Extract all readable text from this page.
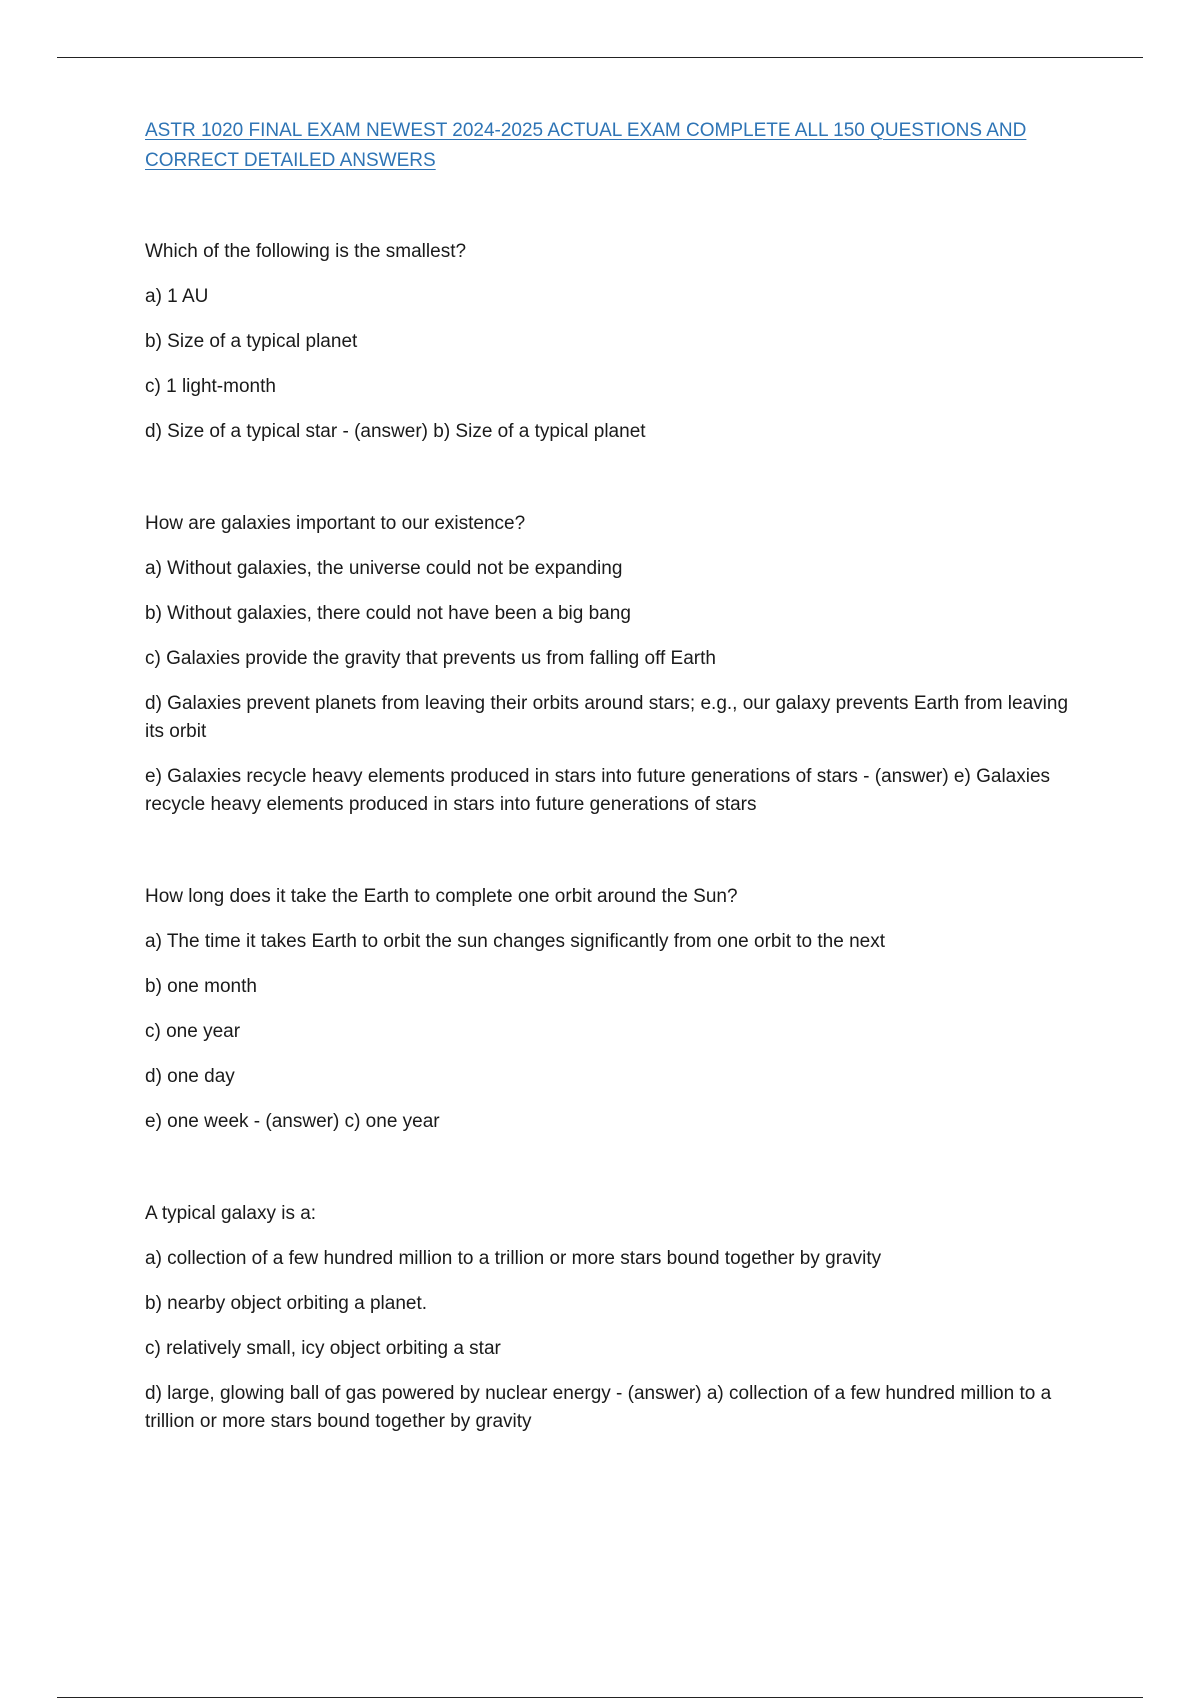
ASTR 1020 FINAL EXAM NEWEST 2024-2025 ACTUAL EXAM COMPLETE ALL 150 QUESTIONS AND CORRECT DETAILED ANSWERS

Which of the following is the smallest?

a) 1 AU

b) Size of a typical planet

c) 1 light-month

d) Size of a typical star - (answer) b) Size of a typical planet

How are galaxies important to our existence?

a) Without galaxies, the universe could not be expanding

b) Without galaxies, there could not have been a big bang

c) Galaxies provide the gravity that prevents us from falling off Earth

d) Galaxies prevent planets from leaving their orbits around stars; e.g., our galaxy prevents Earth from leaving its orbit

e) Galaxies recycle heavy elements produced in stars into future generations of stars - (answer) e) Galaxies recycle heavy elements produced in stars into future generations of stars

How long does it take the Earth to complete one orbit around the Sun?

a) The time it takes Earth to orbit the sun changes significantly from one orbit to the next

b) one month

c) one year

d) one day

e) one week - (answer) c) one year

A typical galaxy is a:

a) collection of a few hundred million to a trillion or more stars bound together by gravity

b) nearby object orbiting a planet.

c) relatively small, icy object orbiting a star

d) large, glowing ball of gas powered by nuclear energy - (answer) a) collection of a few hundred million to a trillion or more stars bound together by gravity
